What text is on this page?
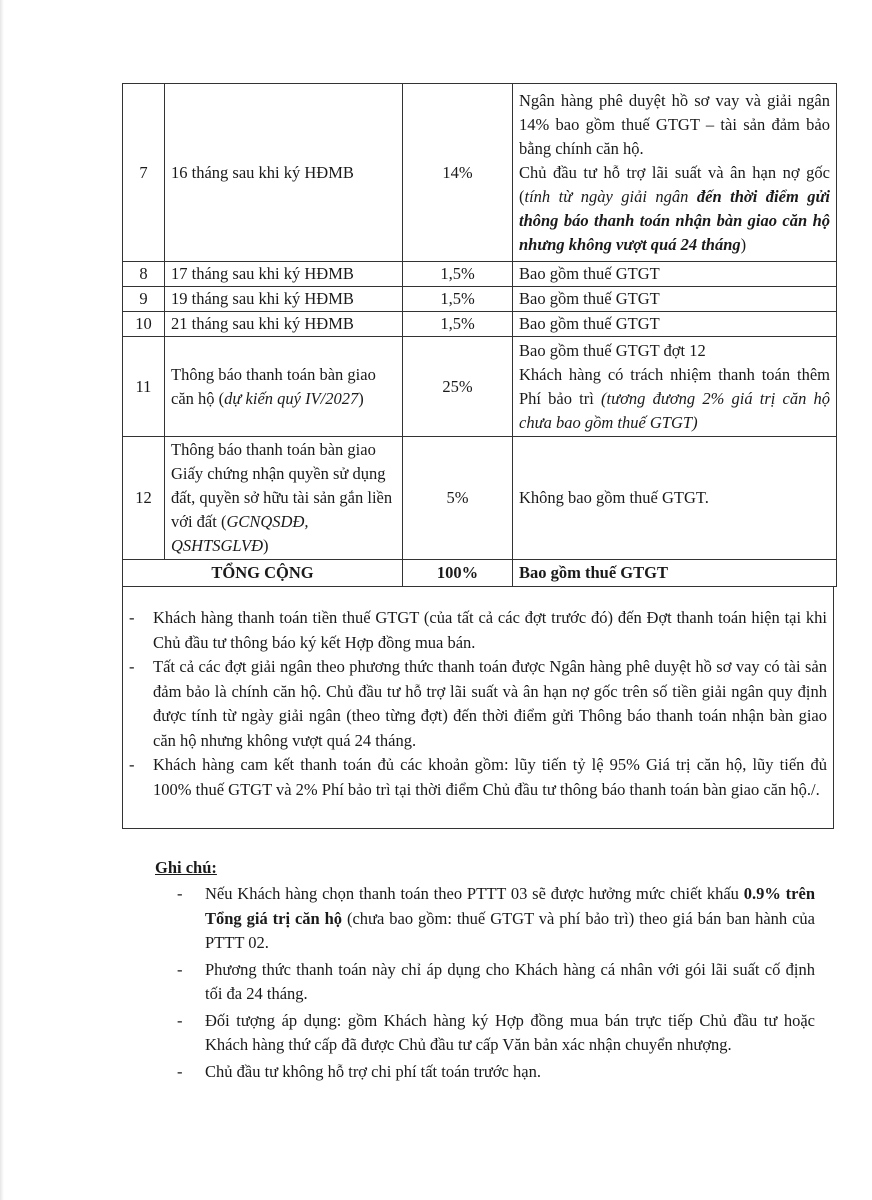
7	16 tháng sau khi ký HĐMB	14%	Ngân hàng phê duyệt hồ sơ vay và giải ngân 14% bao gồm thuế GTGT – tài sản đảm bảo bằng chính căn hộ.
Chủ đầu tư hỗ trợ lãi suất và ân hạn nợ gốc (tính từ ngày giải ngân đến thời điểm gửi thông báo thanh toán nhận bàn giao căn hộ nhưng không vượt quá 24 tháng)
8	17 tháng sau khi ký HĐMB	1,5%	Bao gồm thuế GTGT
9	19 tháng sau khi ký HĐMB	1,5%	Bao gồm thuế GTGT
10	21 tháng sau khi ký HĐMB	1,5%	Bao gồm thuế GTGT
11	Thông báo thanh toán bàn giao căn hộ (dự kiến quý IV/2027)	25%	Bao gồm thuế GTGT đợt 12
Khách hàng có trách nhiệm thanh toán thêm Phí bảo trì (tương đương 2% giá trị căn hộ chưa bao gồm thuế GTGT)
12	Thông báo thanh toán bàn giao Giấy chứng nhận quyền sử dụng đất, quyền sở hữu tài sản gắn liền với đất (GCNQSDĐ, QSHTSGLVĐ)	5%	Không bao gồm thuế GTGT.
TỔNG CỘNG		100%	Bao gồm thuế GTGT
- Khách hàng thanh toán tiền thuế GTGT (của tất cả các đợt trước đó) đến Đợt thanh toán hiện tại khi Chủ đầu tư thông báo ký kết Hợp đồng mua bán.
- Tất cả các đợt giải ngân theo phương thức thanh toán được Ngân hàng phê duyệt hồ sơ vay có tài sản đảm bảo là chính căn hộ. Chủ đầu tư hỗ trợ lãi suất và ân hạn nợ gốc trên số tiền giải ngân quy định được tính từ ngày giải ngân (theo từng đợt) đến thời điểm gửi Thông báo thanh toán nhận bàn giao căn hộ nhưng không vượt quá 24 tháng.
- Khách hàng cam kết thanh toán đủ các khoản gồm: lũy tiến tỷ lệ 95% Giá trị căn hộ, lũy tiến đủ 100% thuế GTGT và 2% Phí bảo trì tại thời điểm Chủ đầu tư thông báo thanh toán bàn giao căn hộ./.
Ghi chú:
- Nếu Khách hàng chọn thanh toán theo PTTT 03 sẽ được hưởng mức chiết khấu 0.9% trên Tổng giá trị căn hộ (chưa bao gồm: thuế GTGT và phí bảo trì) theo giá bán ban hành của PTTT 02.
- Phương thức thanh toán này chỉ áp dụng cho Khách hàng cá nhân với gói lãi suất cố định tối đa 24 tháng.
- Đối tượng áp dụng: gồm Khách hàng ký Hợp đồng mua bán trực tiếp Chủ đầu tư hoặc Khách hàng thứ cấp đã được Chủ đầu tư cấp Văn bản xác nhận chuyển nhượng.
- Chủ đầu tư không hỗ trợ chi phí tất toán trước hạn.
